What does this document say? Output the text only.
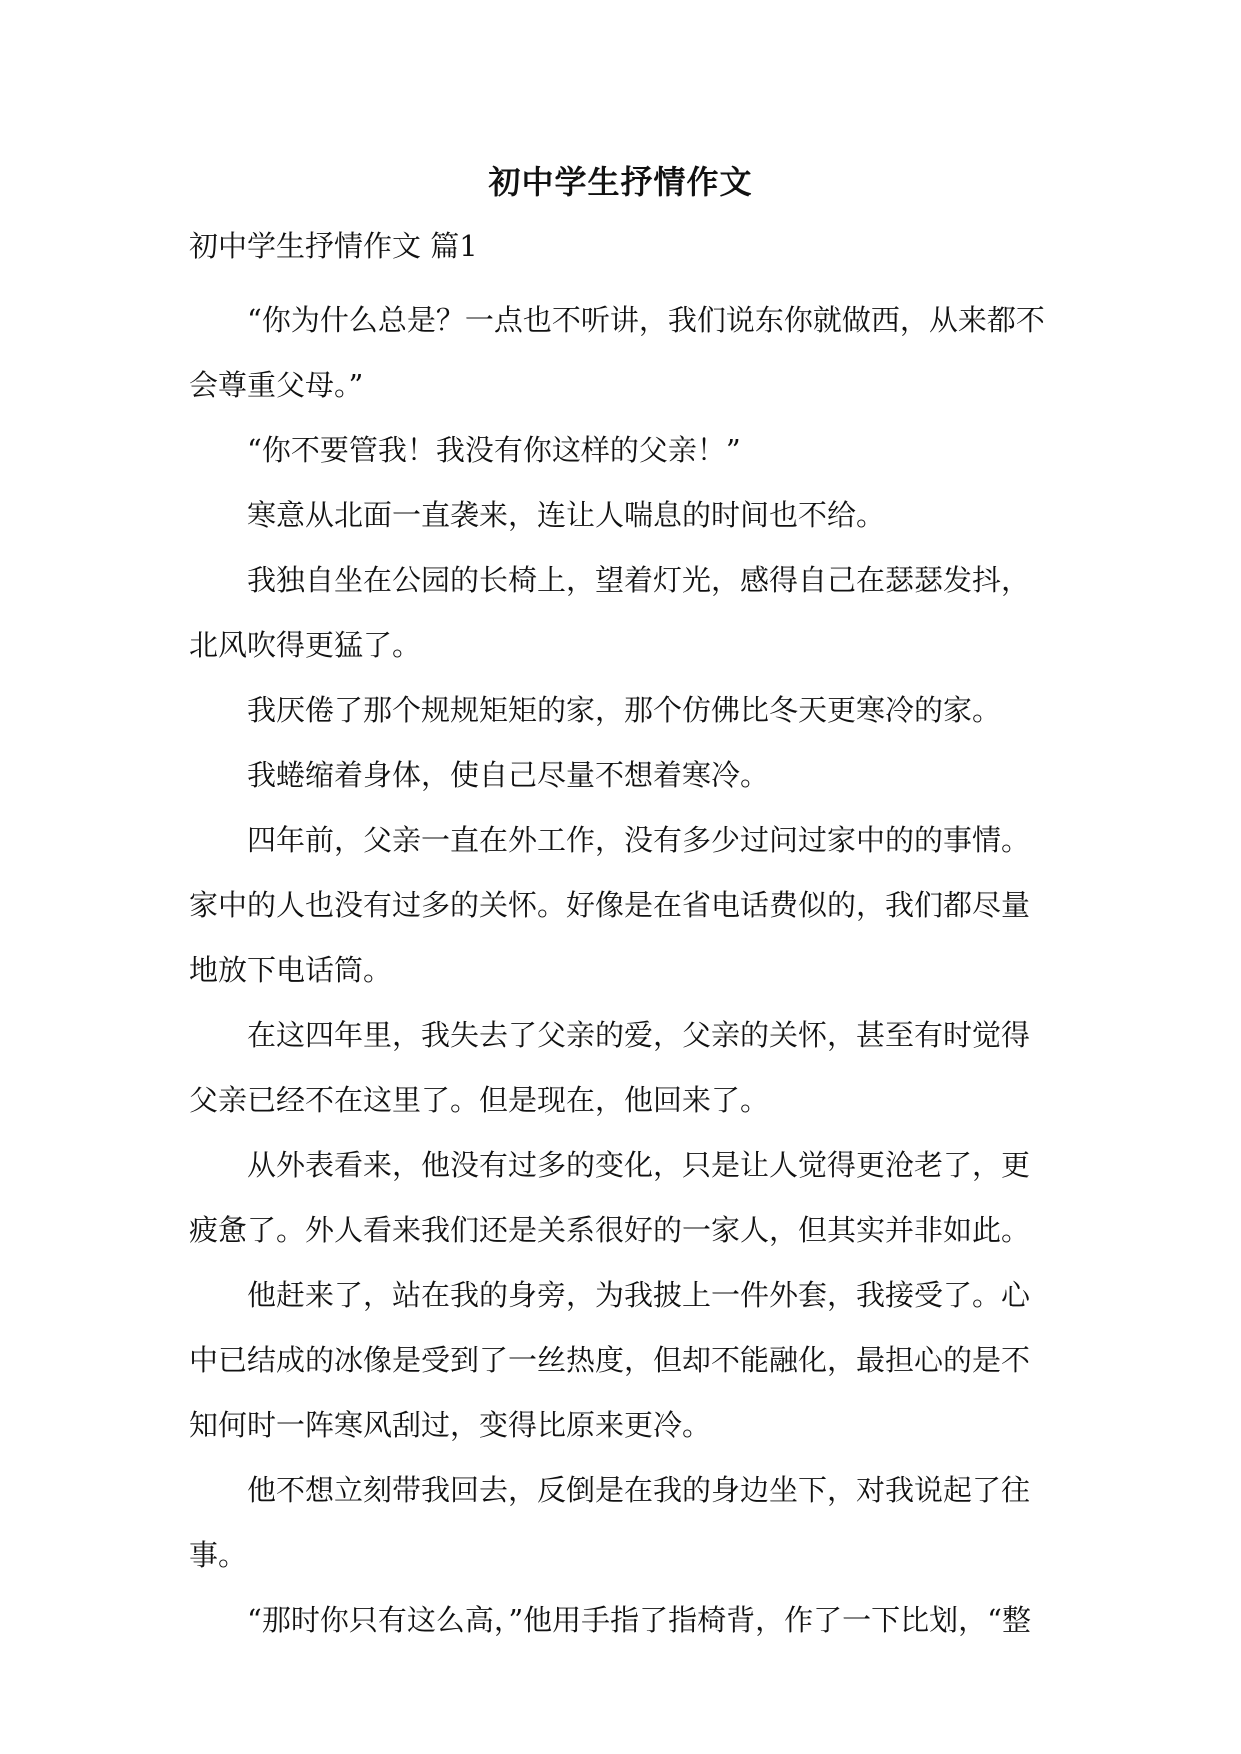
初中学生抒情作文
初中学生抒情作文 篇1

“你为什么总是？一点也不听讲，我们说东你就做西，从来都不会尊重父母。”

“你不要管我！我没有你这样的父亲！”

寒意从北面一直袭来，连让人喘息的时间也不给。

我独自坐在公园的长椅上，望着灯光，感得自己在瑟瑟发抖，北风吹得更猛了。

我厌倦了那个规规矩矩的家，那个仿佛比冬天更寒冷的家。

我蜷缩着身体，使自己尽量不想着寒冷。

四年前，父亲一直在外工作，没有多少过问过家中的的事情。家中的人也没有过多的关怀。好像是在省电话费似的，我们都尽量地放下电话筒。

在这四年里，我失去了父亲的爱，父亲的关怀，甚至有时觉得父亲已经不在这里了。但是现在，他回来了。

从外表看来，他没有过多的变化，只是让人觉得更沧老了，更疲惫了。外人看来我们还是关系很好的一家人，但其实并非如此。

他赶来了，站在我的身旁，为我披上一件外套，我接受了。心中已结成的冰像是受到了一丝热度，但却不能融化，最担心的是不知何时一阵寒风刮过，变得比原来更冷。

他不想立刻带我回去，反倒是在我的身边坐下，对我说起了往事。

“那时你只有这么高，”他用手指了指椅背，作了一下比划，“整
